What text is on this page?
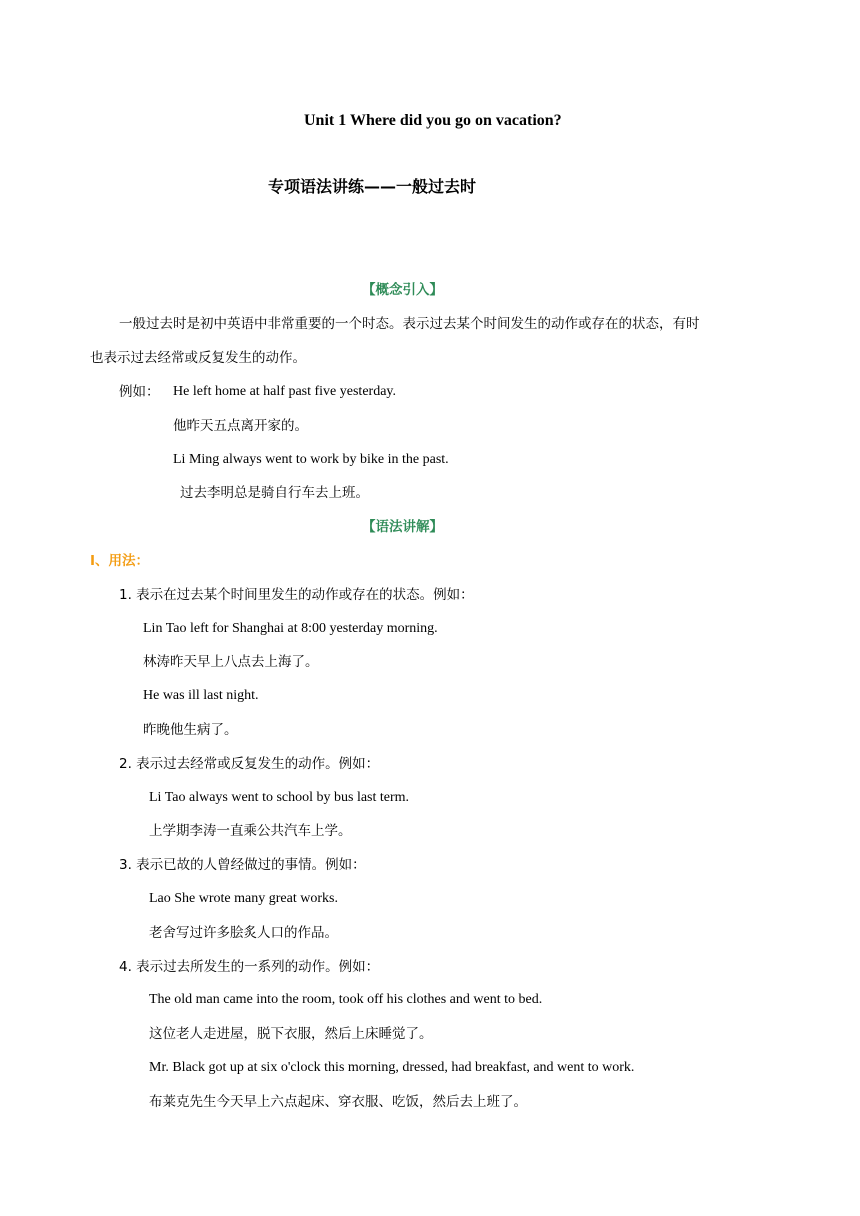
Unit 1 Where did you go on vacation?
专项语法讲练——一般过去时
【概念引入】
一般过去时是初中英语中非常重要的一个时态。表示过去某个时间发生的动作或存在的状态，有时
也表示过去经常或反复发生的动作。
例如： He left home at half past five yesterday.
他昨天五点离开家的。
Li Ming always went to work by bike in the past.
过去李明总是骑自行车去上班。
【语法讲解】
I、用法：
1. 表示在过去某个时间里发生的动作或存在的状态。例如：
Lin Tao left for Shanghai at 8:00 yesterday morning.
林涛昨天早上八点去上海了。
He was ill last night.
昨晚他生病了。
2. 表示过去经常或反复发生的动作。例如：
Li Tao always went to school by bus last term.
上学期李涛一直乘公共汽车上学。
3. 表示已故的人曾经做过的事情。例如：
Lao She wrote many great works.
老舍写过许多脍炙人口的作品。
4. 表示过去所发生的一系列的动作。例如：
The old man came into the room, took off his clothes and went to bed.
这位老人走进屋，脱下衣服，然后上床睡觉了。
Mr. Black got up at six o'clock this morning, dressed, had breakfast, and went to work.
布莱克先生今天早上六点起床、穿衣服、吃饭，然后去上班了。
